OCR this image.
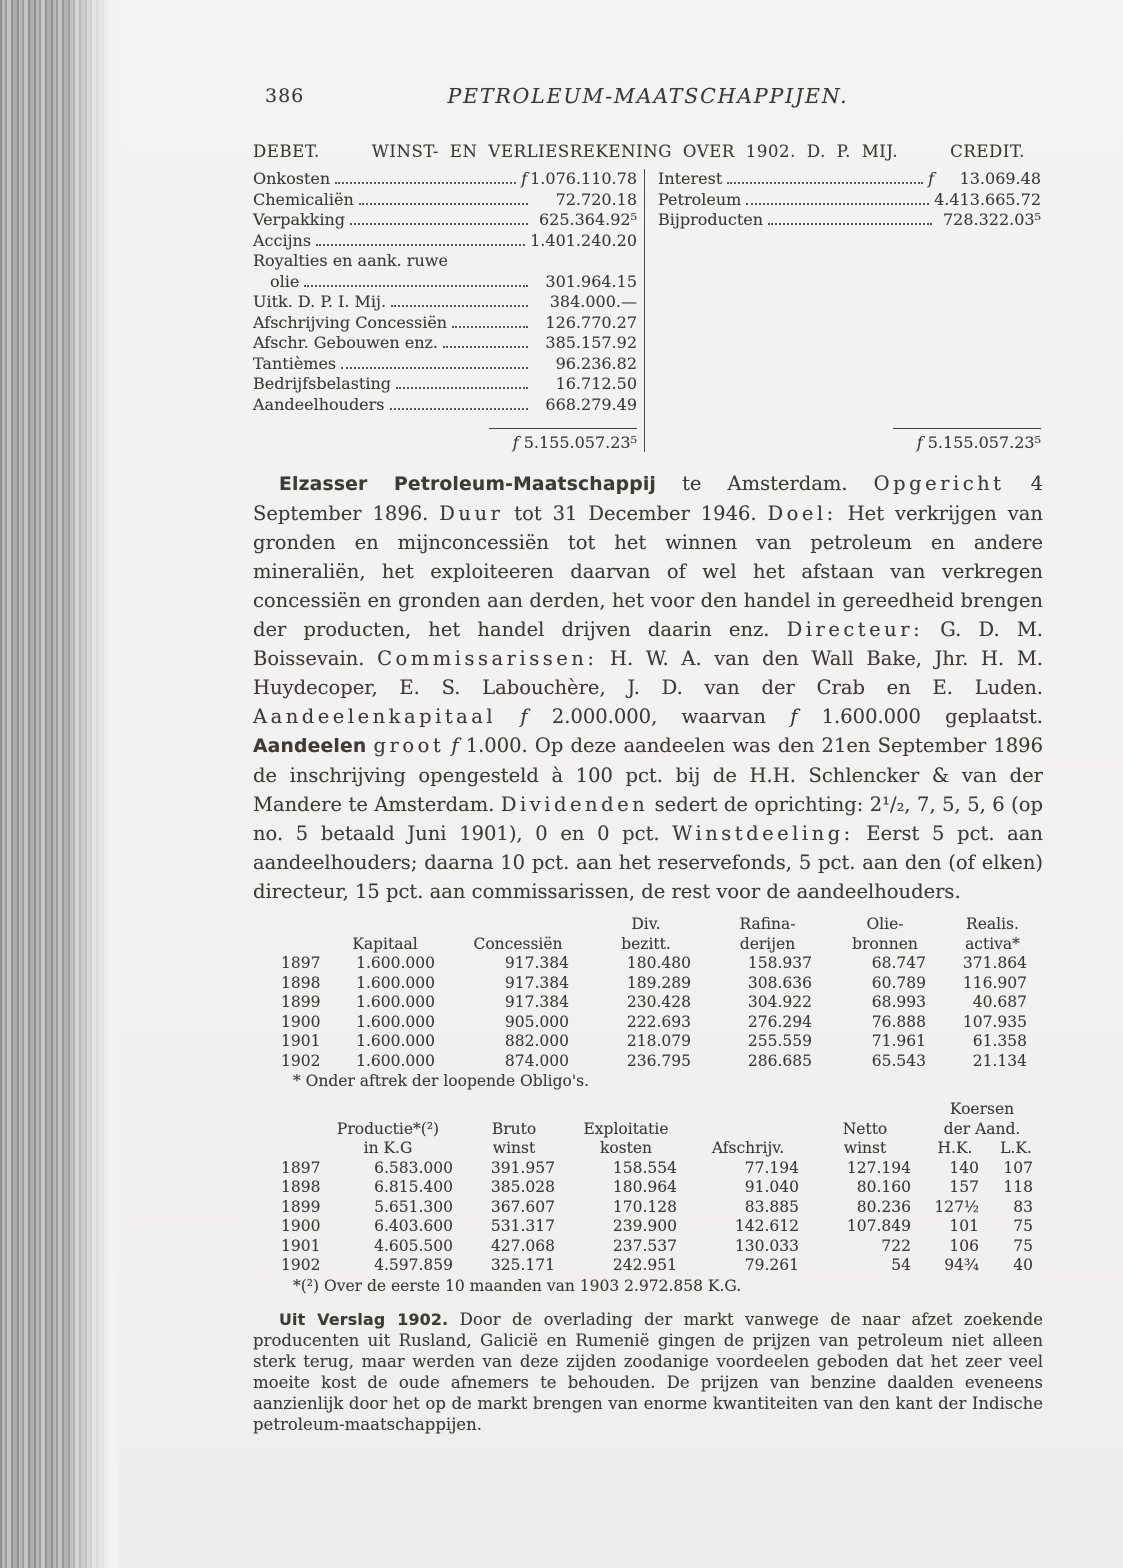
386	PETROLEUM-MAATSCHAPPIJEN.
DEBET.	WINST- EN VERLIESREKENING OVER 1902. D. P. MIJ.	CREDIT.
Onkosten	f 1.076.110.78
Chemicaliën	72.720.18
Verpakking	625.364.92⁵
Accijns	1.401.240.20
Royalties en aank. ruwe
olie	301.964.15
Uitk. D. P. I. Mij.	384.000.—
Afschrijving Concessiën	126.770.27
Afschr. Gebouwen enz.	385.157.92
Tantièmes	96.236.82
Bedrijfsbelasting	16.712.50
Aandeelhouders	668.279.49
f 5.155.057.23⁵
Interest	f	13.069.48
Petroleum	4.413.665.72
Bijproducten	728.322.03⁵
f 5.155.057.23⁵

Elzasser Petroleum-Maatschappij te Amsterdam. Opgericht 4 September 1896. Duur tot 31 December 1946. Doel: Het verkrijgen van gronden en mijnconcessiën tot het winnen van petroleum en andere mineraliën, het exploiteeren daarvan of wel het afstaan van verkregen concessiën en gronden aan derden, het voor den handel in gereedheid brengen der producten, het handel drijven daarin enz. Directeur: G. D. M. Boissevain. Commissarissen: H. W. A. van den Wall Bake, Jhr. H. M. Huydecoper, E. S. Labouchère, J. D. van der Crab en E. Luden. Aandeelenkapitaal f 2.000.000, waarvan f 1.600.000 geplaatst. Aandeelen groot f 1.000. Op deze aandeelen was den 21en September 1896 de inschrijving opengesteld à 100 pct. bij de H.H. Schlencker & van der Mandere te Amsterdam. Dividenden sedert de oprichting: 2¹/₂, 7, 5, 5, 6 (op no. 5 betaald Juni 1901), 0 en 0 pct. Winstdeeling: Eerst 5 pct. aan aandeelhouders; daarna 10 pct. aan het reservefonds, 5 pct. aan den (of elken) directeur, 15 pct. aan commissarissen, de rest voor de aandeelhouders.

			Div.	Rafina-	Olie-	Realis.
	Kapitaal	Concessiën	bezitt.	derijen	bronnen	activa*
1897	1.600.000	917.384	180.480	158.937	68.747	371.864
1898	1.600.000	917.384	189.289	308.636	60.789	116.907
1899	1.600.000	917.384	230.428	304.922	68.993	40.687
1900	1.600.000	905.000	222.693	276.294	76.888	107.935
1901	1.600.000	882.000	218.079	255.559	71.961	61.358
1902	1.600.000	874.000	236.795	286.685	65.543	21.134
* Onder aftrek der loopende Obligo's.
						Koersen	
	Productie*(²)	Bruto	Exploitatie		Netto	der Aand.	
	in K.G	winst	kosten	Afschrijv.	winst	H.K.	L.K.
1897	6.583.000	391.957	158.554	77.194	127.194	140	107
1898	6.815.400	385.028	180.964	91.040	80.160	157	118
1899	5.651.300	367.607	170.128	83.885	80.236	127½	83
1900	6.403.600	531.317	239.900	142.612	107.849	101	75
1901	4.605.500	427.068	237.537	130.033	722	106	75
1902	4.597.859	325.171	242.951	79.261	54	94¾	40
*(²) Over de eerste 10 maanden van 1903 2.972.858 K.G.

Uit Verslag 1902. Door de overlading der markt vanwege de naar afzet zoekende producenten uit Rusland, Galicië en Rumenië gingen de prijzen van petroleum niet alleen sterk terug, maar werden van deze zijden zoodanige voordeelen geboden dat het zeer veel moeite kost de oude afnemers te behouden. De prijzen van benzine daalden eveneens aanzienlijk door het op de markt brengen van enorme kwantiteiten van den kant der Indische petroleum-maatschappijen.
